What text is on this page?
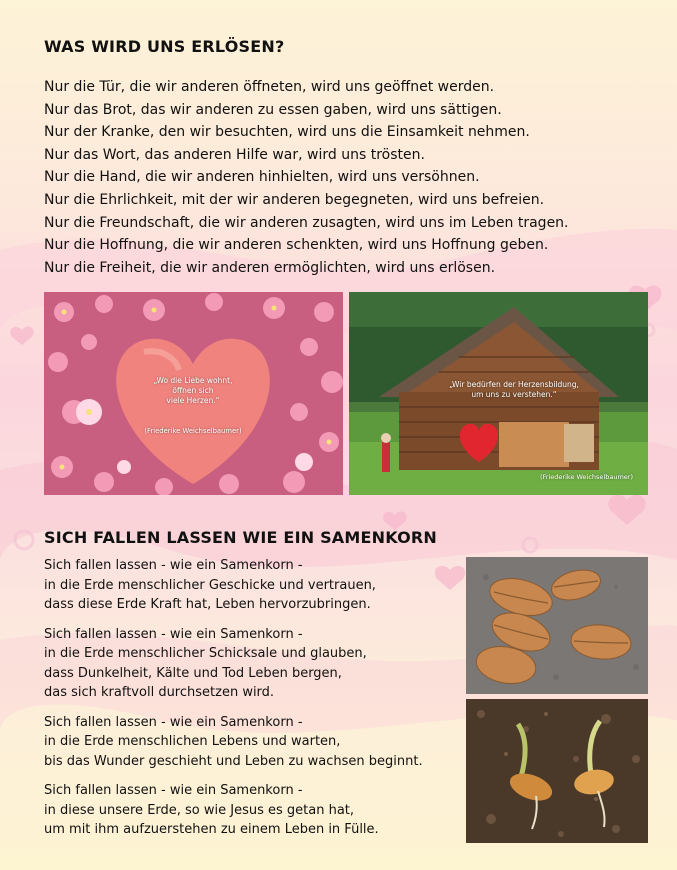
WAS WIRD UNS ERLÖSEN?
Nur die Tür, die wir anderen öffneten, wird uns geöffnet werden.
Nur das Brot, das wir anderen zu essen gaben, wird uns sättigen.
Nur der Kranke, den wir besuchten, wird uns die Einsamkeit nehmen.
Nur das Wort, das anderen Hilfe war, wird uns trösten.
Nur die Hand, die wir anderen hinhielten, wird uns versöhnen.
Nur die Ehrlichkeit, mit der wir anderen begegneten, wird uns befreien.
Nur die Freundschaft, die wir anderen zusagten, wird uns im Leben tragen.
Nur die Hoffnung, die wir anderen schenkten, wird uns Hoffnung geben.
Nur die Freiheit, die wir anderen ermöglichten, wird uns erlösen.
„Wo die Liebe wohnt,
öffnen sich
viele Herzen.“
(Friederike Weichselbaumer)
„Wir bedürfen der Herzensbildung,
um uns zu verstehen.“
(Friederike Weichselbaumer)
SICH FALLEN LASSEN WIE EIN SAMENKORN
Sich fallen lassen - wie ein Samenkorn -
in die Erde menschlicher Geschicke und vertrauen,
dass diese Erde Kraft hat, Leben hervorzubringen.
Sich fallen lassen - wie ein Samenkorn -
in die Erde menschlicher Schicksale und glauben,
dass Dunkelheit, Kälte und Tod Leben bergen,
das sich kraftvoll durchsetzen wird.
Sich fallen lassen - wie ein Samenkorn -
in die Erde menschlichen Lebens und warten,
bis das Wunder geschieht und Leben zu wachsen beginnt.
Sich fallen lassen - wie ein Samenkorn -
in diese unsere Erde, so wie Jesus es getan hat,
um mit ihm aufzuerstehen zu einem Leben in Fülle.
